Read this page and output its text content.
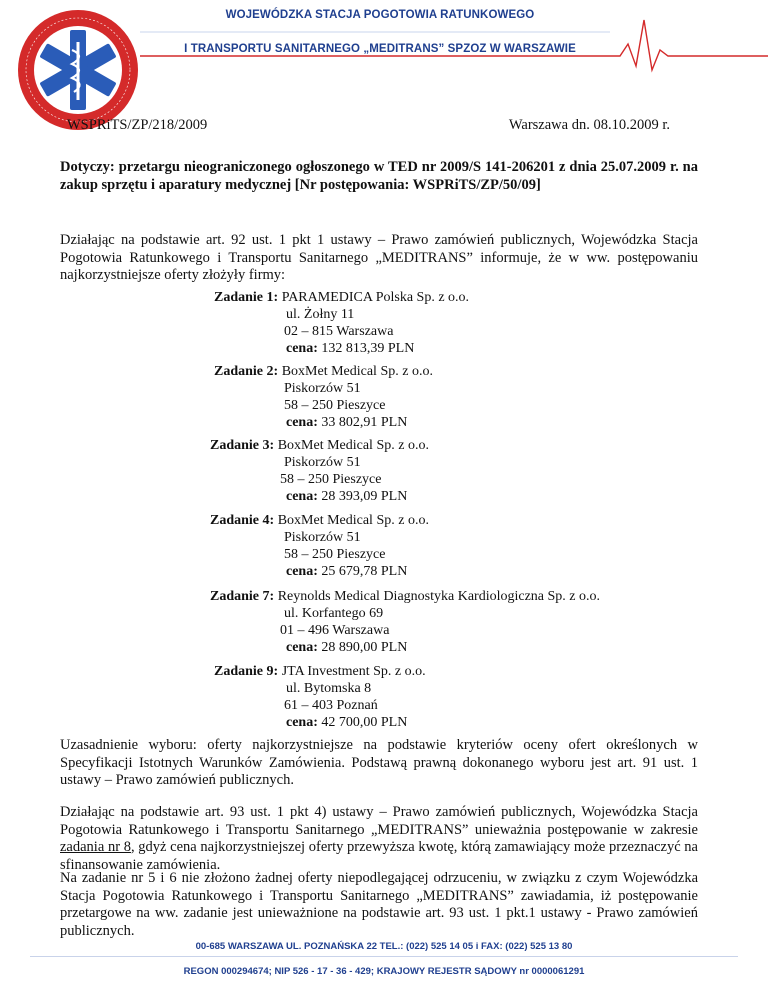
WOJEWÓDZKA STACJA POGOTOWIA RATUNKOWEGO
I TRANSPORTU SANITARNEGO „MEDITRANS” SPZOZ W WARSZAWIE
WSPRiTS/ZP/218/2009	Warszawa dn. 08.10.2009 r.
Dotyczy: przetargu nieograniczonego ogłoszonego w TED nr 2009/S 141-206201 z dnia 25.07.2009 r. na zakup sprzętu i aparatury medycznej [Nr postępowania: WSPRiTS/ZP/50/09]
Działając na podstawie art. 92 ust. 1 pkt 1 ustawy – Prawo zamówień publicznych, Wojewódzka Stacja Pogotowia Ratunkowego i Transportu Sanitarnego „MEDITRANS” informuje, że w ww. postępowaniu najkorzystniejsze oferty złożyły firmy:
Zadanie 1: PARAMEDICA Polska Sp. z o.o.
ul. Żołny 11
02 – 815 Warszawa
cena: 132 813,39 PLN
Zadanie 2: BoxMet Medical Sp. z o.o.
Piskorzów 51
58 – 250 Pieszyce
cena: 33 802,91 PLN
Zadanie 3: BoxMet Medical Sp. z o.o.
Piskorzów 51
58 – 250 Pieszyce
cena: 28 393,09 PLN
Zadanie 4: BoxMet Medical Sp. z o.o.
Piskorzów 51
58 – 250 Pieszyce
cena: 25 679,78 PLN
Zadanie 7: Reynolds Medical Diagnostyka Kardiologiczna Sp. z o.o.
ul. Korfantego 69
01 – 496 Warszawa
cena: 28 890,00 PLN
Zadanie 9: JTA Investment Sp. z o.o.
ul. Bytomska 8
61 – 403 Poznań
cena: 42 700,00 PLN
Uzasadnienie wyboru: oferty najkorzystniejsze na podstawie kryteriów oceny ofert określonych w Specyfikacji Istotnych Warunków Zamówienia. Podstawą prawną dokonanego wyboru jest art. 91 ust. 1 ustawy – Prawo zamówień publicznych.
Działając na podstawie art. 93 ust. 1 pkt 4) ustawy – Prawo zamówień publicznych, Wojewódzka Stacja Pogotowia Ratunkowego i Transportu Sanitarnego „MEDITRANS” unieważnia postępowanie w zakresie zadania nr 8, gdyż cena najkorzystniejszej oferty przewyższa kwotę, którą zamawiający może przeznaczyć na sfinansowanie zamówienia.
Na zadanie nr 5 i 6 nie złożono żadnej oferty niepodlegającej odrzuceniu, w związku z czym Wojewódzka Stacja Pogotowia Ratunkowego i Transportu Sanitarnego „MEDITRANS” zawiadamia, iż postępowanie przetargowe na ww. zadanie jest unieważnione na podstawie art. 93 ust. 1 pkt.1 ustawy - Prawo zamówień publicznych.
00-685 WARSZAWA UL. POZNAŃSKA 22 TEL.: (022) 525 14 05 i FAX: (022) 525 13 80
REGON 000294674; NIP 526 - 17 - 36 - 429; KRAJOWY REJESTR SĄDOWY nr 0000061291
